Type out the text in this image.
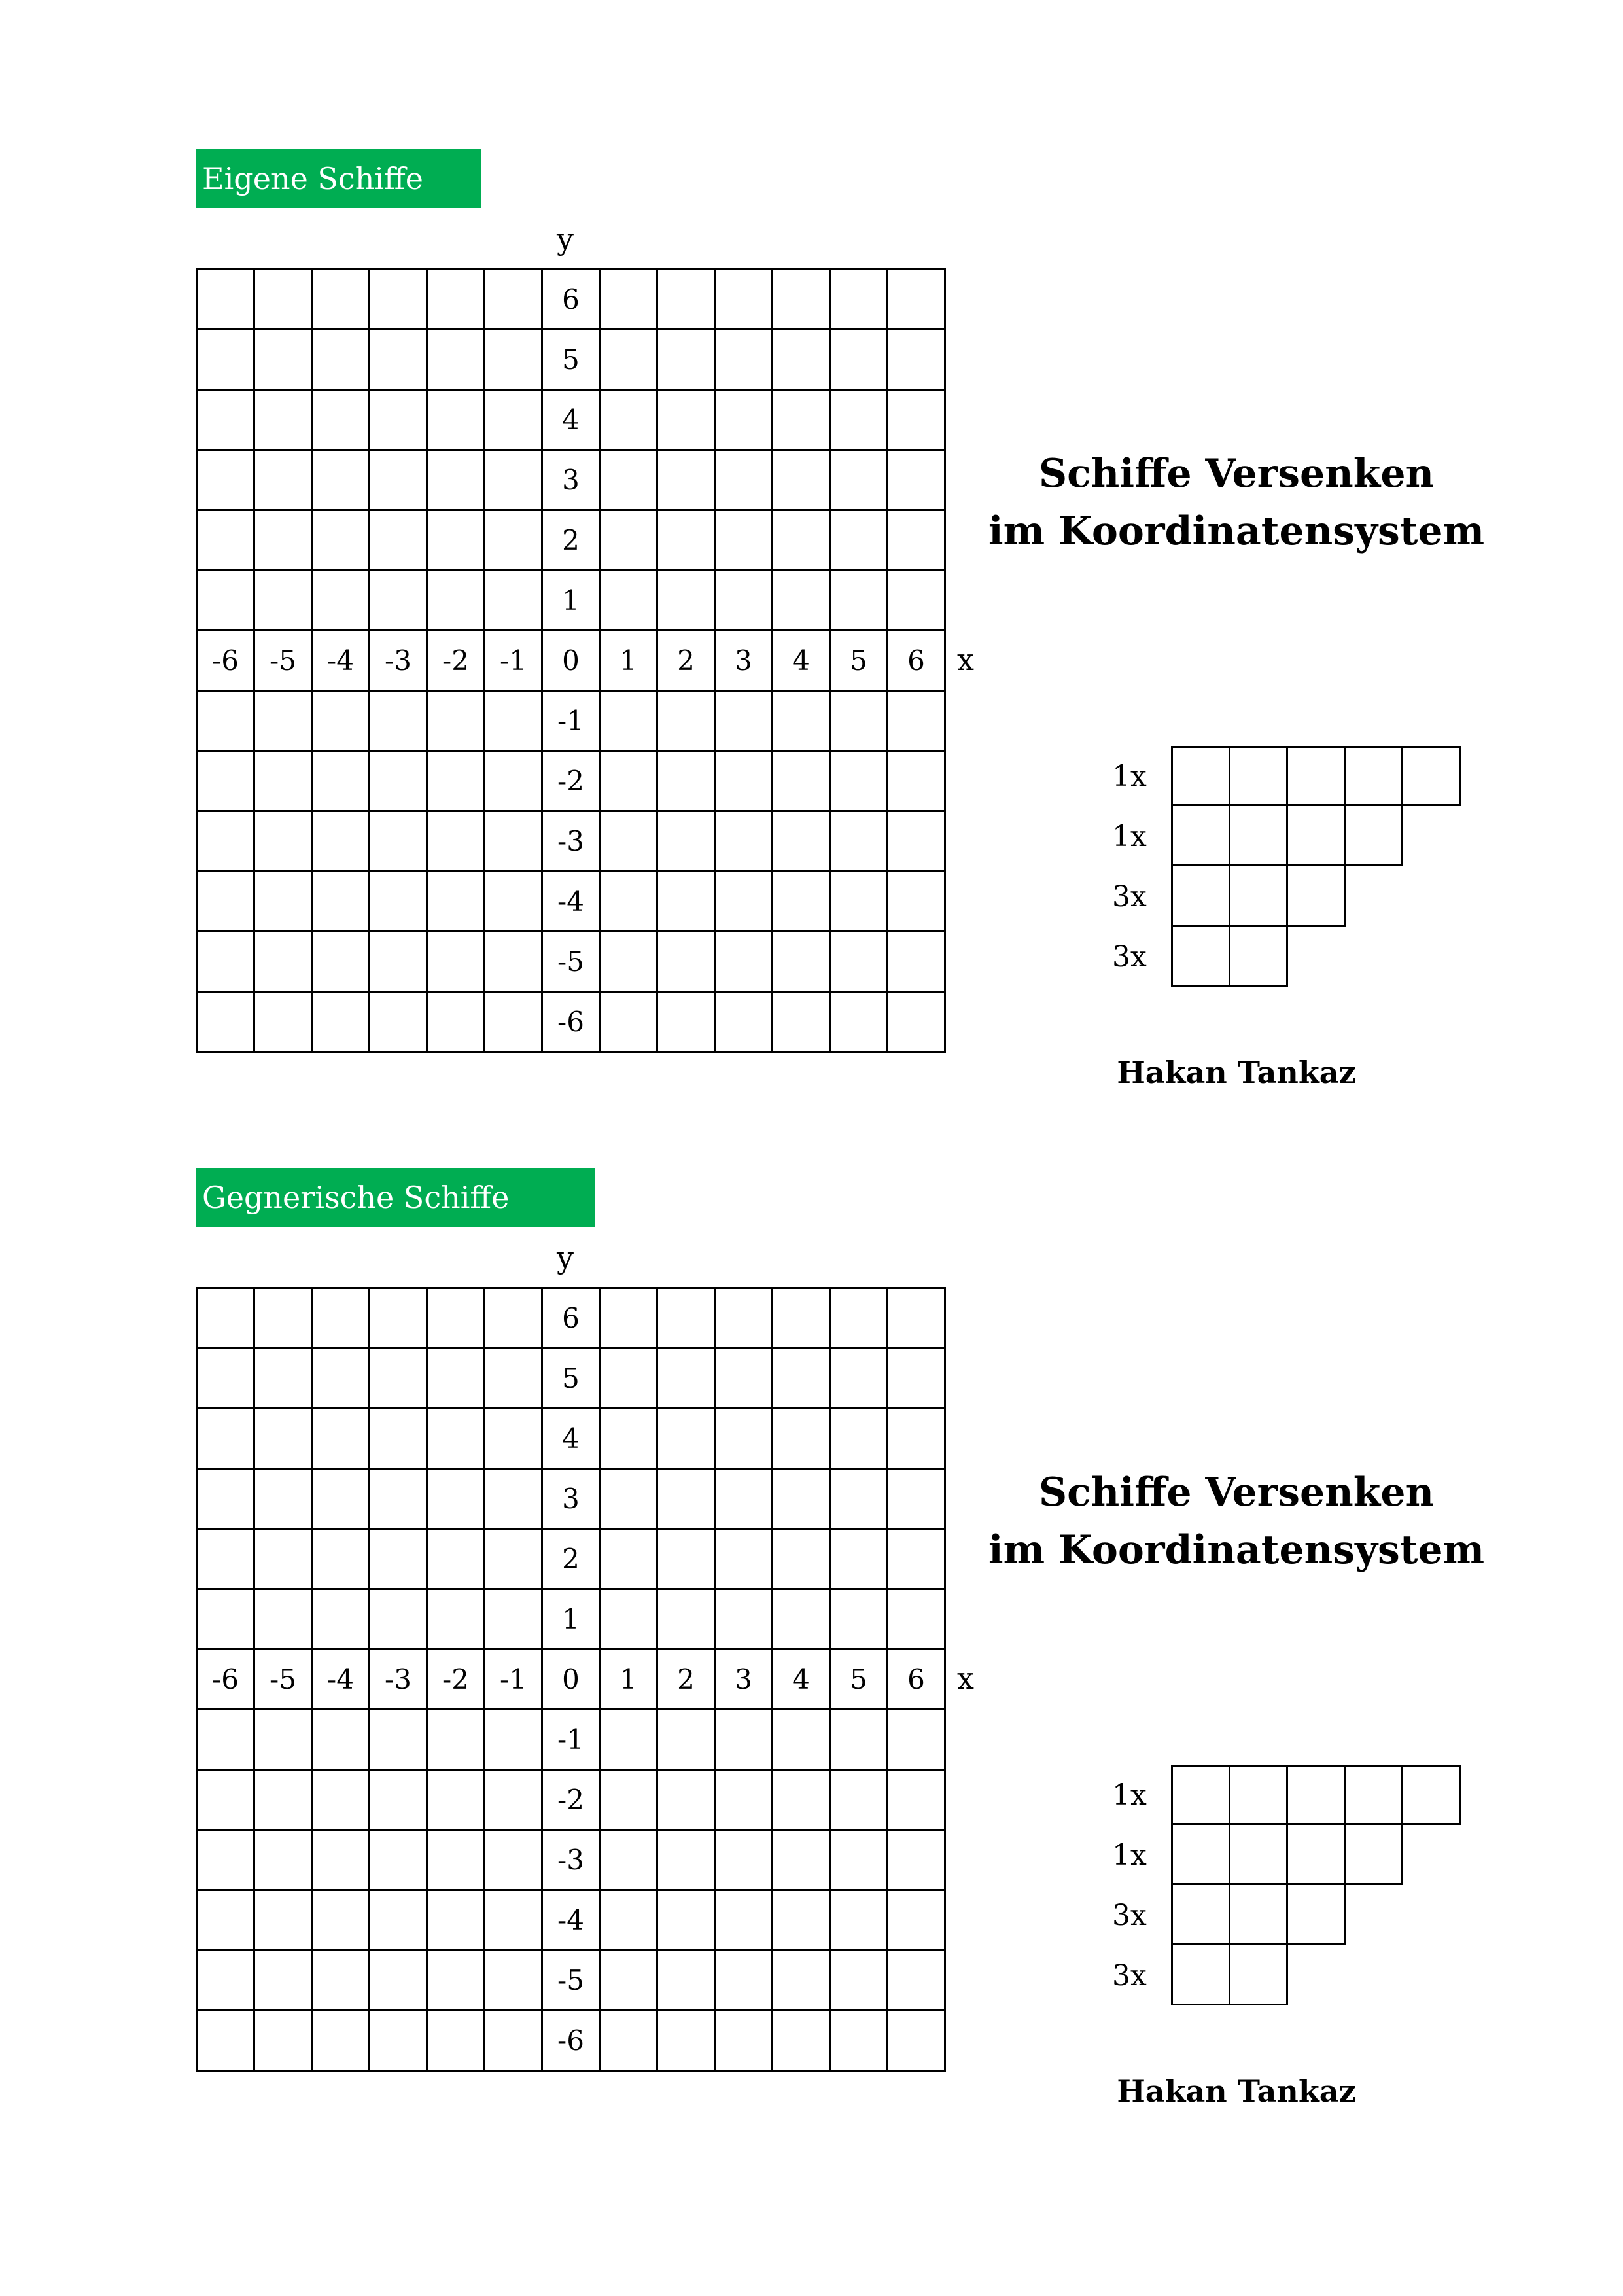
Eigene Schiffe
y
6
5
4
3
2
1
-6	-5	-4	-3	-2	-1	0	1	2	3	4	5	6
-1
-2
-3
-4
-5
-6
x
Schiffe Versenken
im Koordinatensystem
1x
1x
3x
3x
Hakan Tankaz
Gegnerische Schiffe
y
6
5
4
3
2
1
-6	-5	-4	-3	-2	-1	0	1	2	3	4	5	6
-1
-2
-3
-4
-5
-6
x
Schiffe Versenken
im Koordinatensystem
1x
1x
3x
3x
Hakan Tankaz
